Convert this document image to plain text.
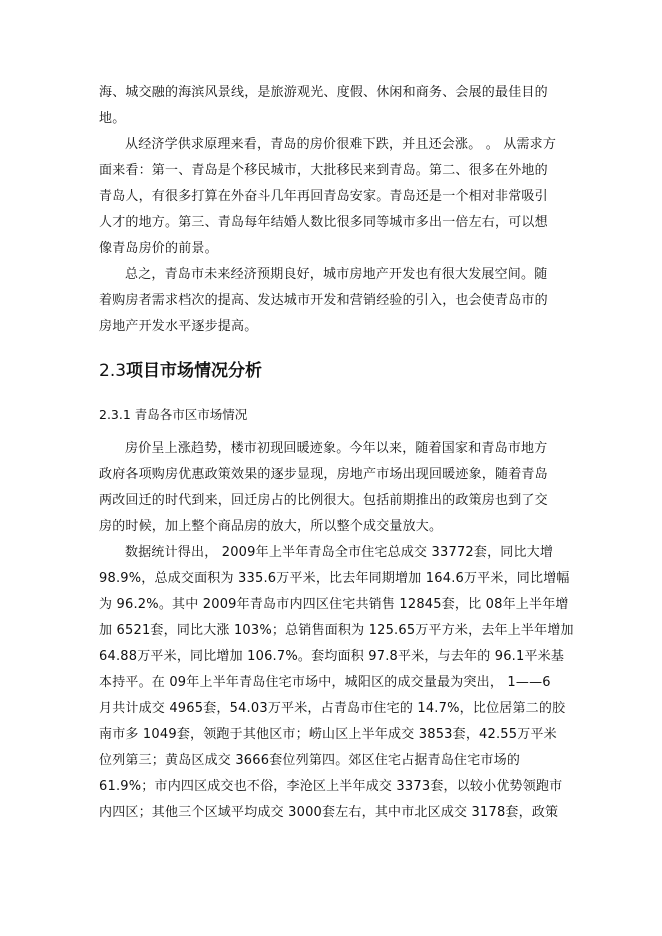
海、城交融的海滨风景线，是旅游观光、度假、休闲和商务、会展的最佳目的
地。

从经济学供求原理来看，青岛的房价很难下跌，并且还会涨。 。 从需求方
面来看：第一、青岛是个移民城市，大批移民来到青岛。第二、很多在外地的
青岛人，有很多打算在外奋斗几年再回青岛安家。青岛还是一个相对非常吸引
人才的地方。第三、青岛每年结婚人数比很多同等城市多出一倍左右，可以想
像青岛房价的前景。

总之，青岛市未来经济预期良好，城市房地产开发也有很大发展空间。随
着购房者需求档次的提高、发达城市开发和营销经验的引入，也会使青岛市的
房地产开发水平逐步提高。

2.3项目市场情况分析
2.3.1 青岛各市区市场情况

房价呈上涨趋势，楼市初现回暖迹象。今年以来，随着国家和青岛市地方
政府各项购房优惠政策效果的逐步显现，房地产市场出现回暖迹象，随着青岛
两改回迁的时代到来，回迁房占的比例很大。包括前期推出的政策房也到了交
房的时候，加上整个商品房的放大，所以整个成交量放大。

数据统计得出， 2009年上半年青岛全市住宅总成交 33772套，同比大增
98.9%，总成交面积为 335.6万平米，比去年同期增加 164.6万平米，同比增幅
为 96.2%。其中 2009年青岛市内四区住宅共销售 12845套，比 08年上半年增
加 6521套，同比大涨 103%；总销售面积为 125.65万平方米，去年上半年增加
64.88万平米，同比增加 106.7%。套均面积 97.8平米，与去年的 96.1平米基
本持平。在 09年上半年青岛住宅市场中，城阳区的成交量最为突出， 1——6
月共计成交 4965套，54.03万平米，占青岛市住宅的 14.7%，比位居第二的胶
南市多 1049套，领跑于其他区市；崂山区上半年成交 3853套，42.55万平米
位列第三；黄岛区成交 3666套位列第四。郊区住宅占据青岛住宅市场的
61.9%；市内四区成交也不俗，李沧区上半年成交 3373套，以较小优势领跑市
内四区；其他三个区域平均成交 3000套左右，其中市北区成交 3178套，政策
